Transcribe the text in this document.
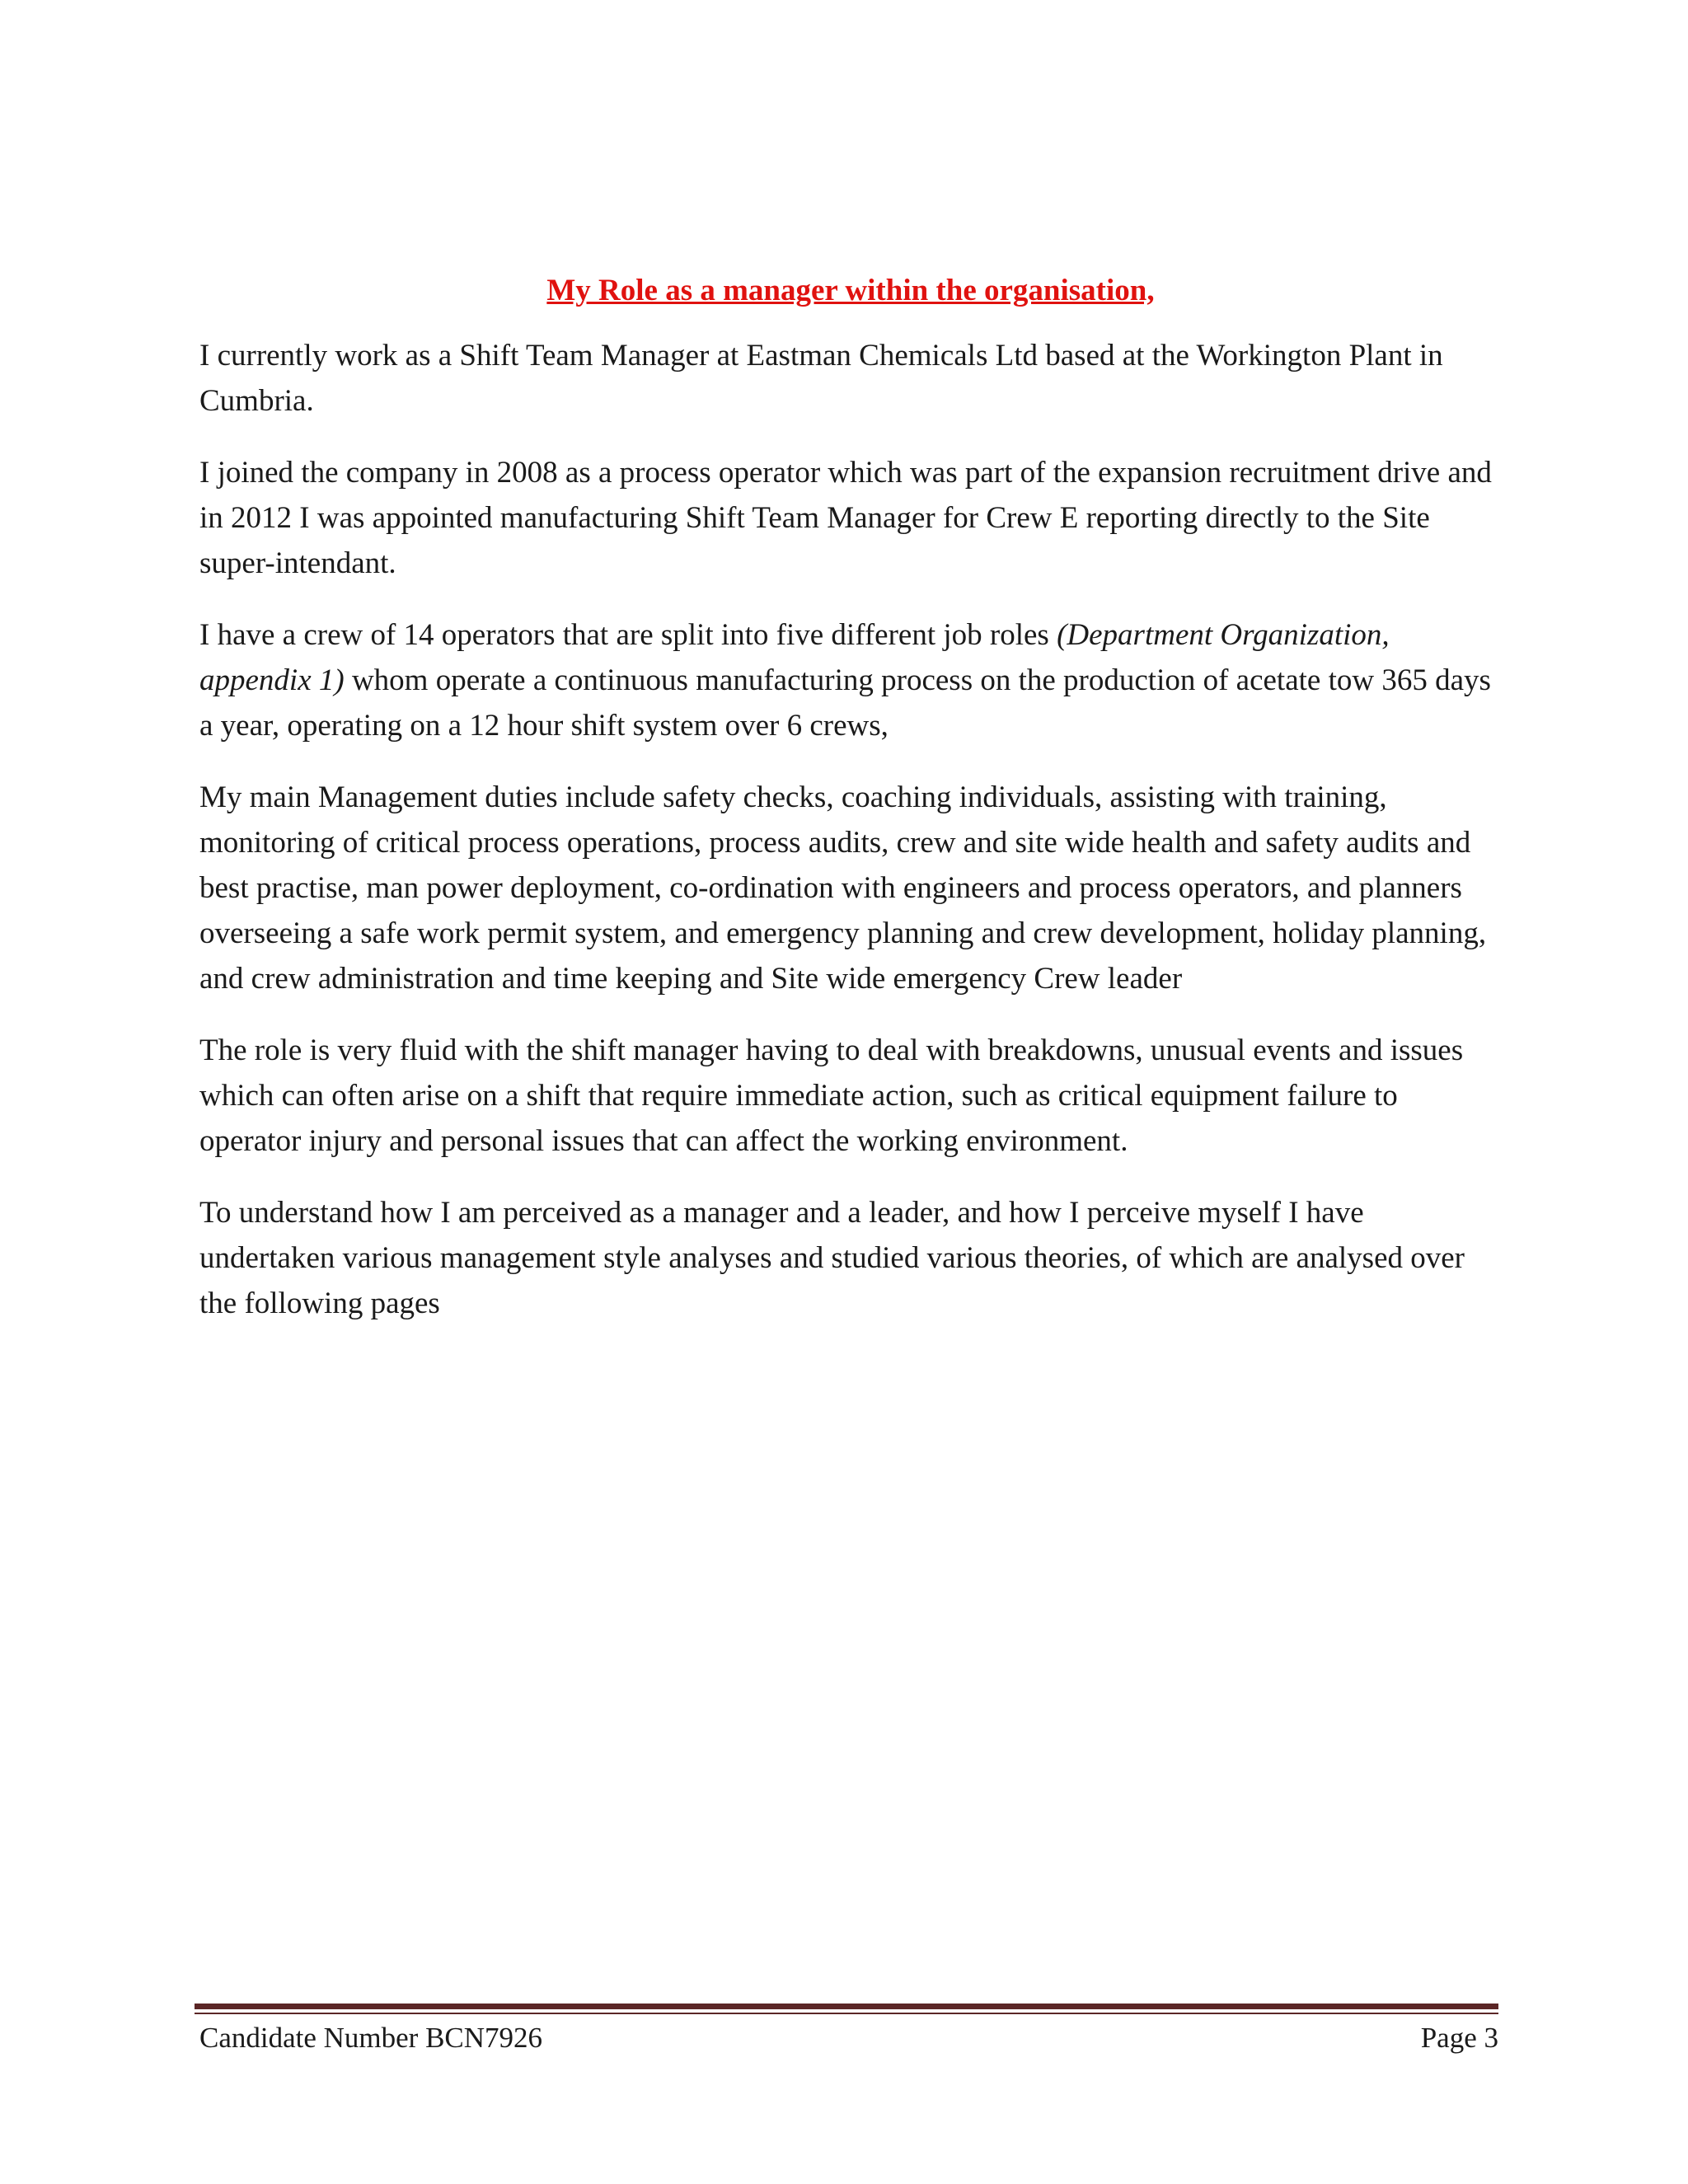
My Role as a manager within the organisation,

I currently work as a Shift Team Manager at Eastman Chemicals Ltd based at the Workington Plant in Cumbria.

I joined the company in 2008 as a process operator which was part of the expansion recruitment drive and in 2012 I was appointed manufacturing Shift Team Manager for Crew E reporting directly to the Site super-intendant.

I have a crew of 14 operators that are split into five different job roles (Department Organization, appendix 1) whom operate a continuous manufacturing process on the production of acetate tow 365 days a year, operating on a 12 hour shift system over 6 crews,

My main Management duties include safety checks, coaching individuals, assisting with training, monitoring of critical process operations, process audits, crew and site wide health and safety audits and best practise, man power deployment, co-ordination with engineers and process operators, and planners overseeing a safe work permit system, and emergency planning and crew development, holiday planning, and crew administration and time keeping and Site wide emergency Crew leader

The role is very fluid with the shift manager having to deal with breakdowns, unusual events and issues which can often arise on a shift that require immediate action, such as critical equipment failure to operator injury and personal issues that can affect the working environment.

To understand how I am perceived as a manager and a leader, and how I perceive myself I have undertaken various management style analyses and studied various theories, of which are analysed over the following pages

Candidate Number BCN7926	Page 3
